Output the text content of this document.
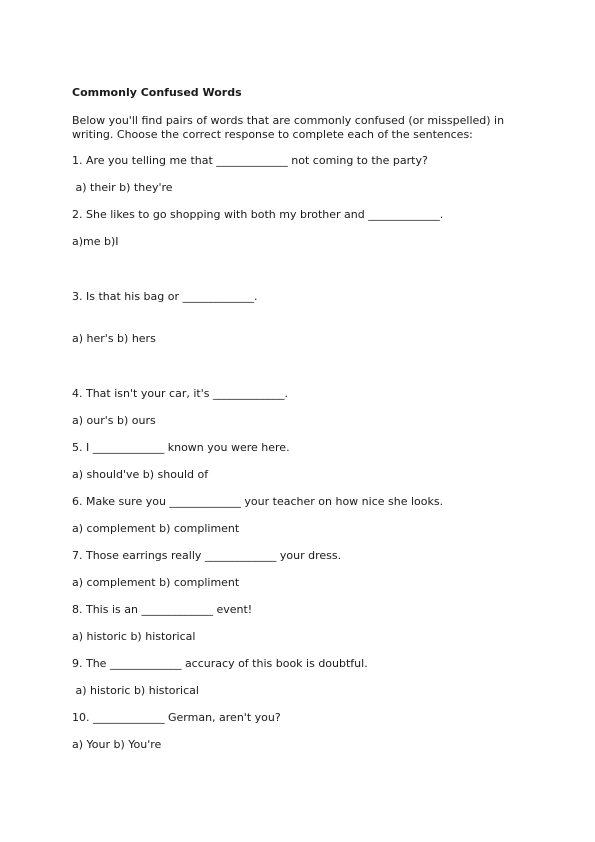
Commonly Confused Words
Below you'll find pairs of words that are commonly confused (or misspelled) in writing. Choose the correct response to complete each of the sentences:
1. Are you telling me that _____________ not coming to the party?
a) their b) they're
2. She likes to go shopping with both my brother and _____________.
a)me b)I

3. Is that his bag or _____________.

a) her's b) hers

4. That isn't your car, it's _____________.
a) our's b) ours
5. I _____________ known you were here.
a) should've b) should of
6. Make sure you _____________ your teacher on how nice she looks.
a) complement b) compliment
7. Those earrings really _____________ your dress.
a) complement b) compliment
8. This is an _____________ event!
a) historic b) historical
9. The _____________ accuracy of this book is doubtful.
a) historic b) historical
10. _____________ German, aren't you?
a) Your b) You're
